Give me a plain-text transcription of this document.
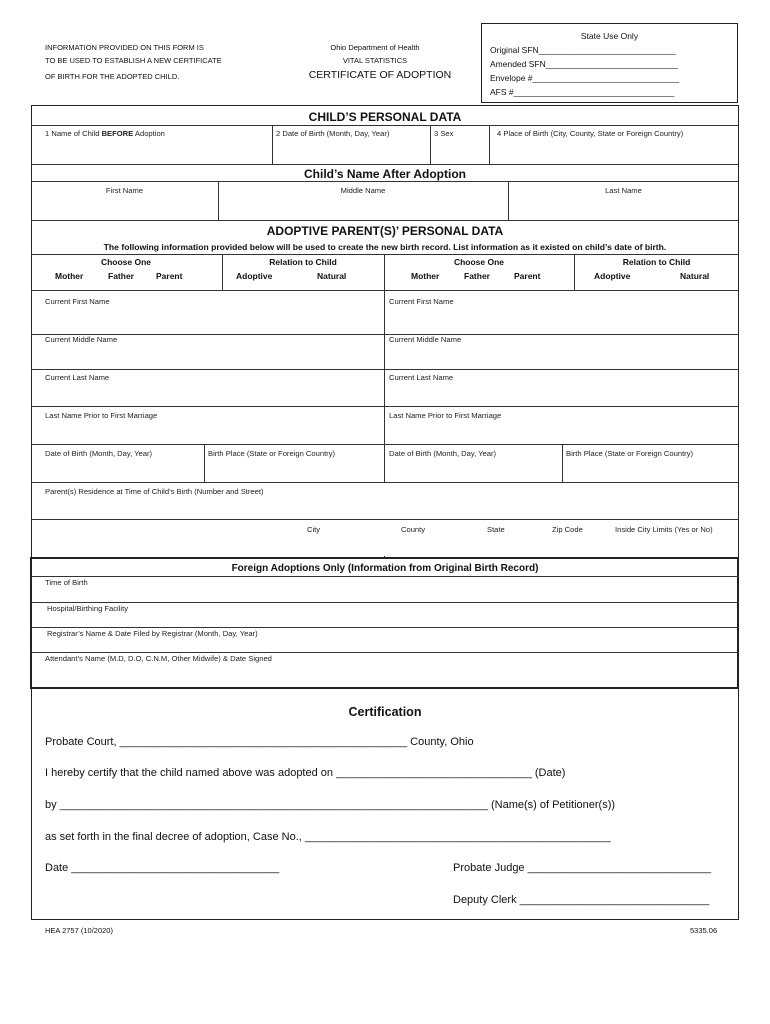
INFORMATION PROVIDED ON THIS FORM IS
TO BE USED TO ESTABLISH A NEW CERTIFICATE
OF BIRTH FOR THE ADOPTED CHILD.
Ohio Department of Health
VITAL STATISTICS
CERTIFICATE OF ADOPTION
State Use Only
Original SFN_____________________________
Amended SFN____________________________
Envelope #_______________________________
AFS #__________________________________
CHILD’S PERSONAL DATA
1 Name of Child BEFORE Adoption	2 Date of Birth (Month, Day, Year)	3 Sex	4 Place of Birth (City, County, State or Foreign Country)
Child’s Name After Adoption
First Name	Middle Name	Last Name
ADOPTIVE PARENT(S)’ PERSONAL DATA
The following information provided below will be used to create the new birth record. List information as it existed on child’s date of birth.
Choose One
Mother	Father	Parent
Relation to Child
Adoptive	Natural
Choose One
Mother	Father	Parent
Relation to Child
Adoptive	Natural
Current First Name	Current First Name
Current Middle Name	Current Middle Name
Current Last Name	Current Last Name
Last Name Prior to First Marriage	Last Name Prior to First Marriage
Date of Birth (Month, Day, Year)	Birth Place (State or Foreign Country)	Date of Birth (Month, Day, Year)	Birth Place (State or Foreign Country)
Parent(s) Residence at Time of Child’s Birth (Number and Street)
City	County	State	Zip Code	Inside City Limits (Yes or No)
Foreign Adoptions Only (Information from Original Birth Record)
Time of Birth
Hospital/Birthing Facility
Registrar’s Name & Date Filed by Registrar (Month, Day, Year)
Attendant’s Name (M.D, D.O, C.N.M, Other Midwife) & Date Signed
Certification
Probate Court, _______________________________________________ County, Ohio
I hereby certify that the child named above was adopted on ________________________________ (Date)
by ______________________________________________________________________ (Name(s) of Petitioner(s))
as set forth in the final decree of adoption, Case No., __________________________________________________
Date __________________________________	Probate Judge ______________________________
Deputy Clerk _______________________________
HEA 2757 (10/2020)	5335.06
